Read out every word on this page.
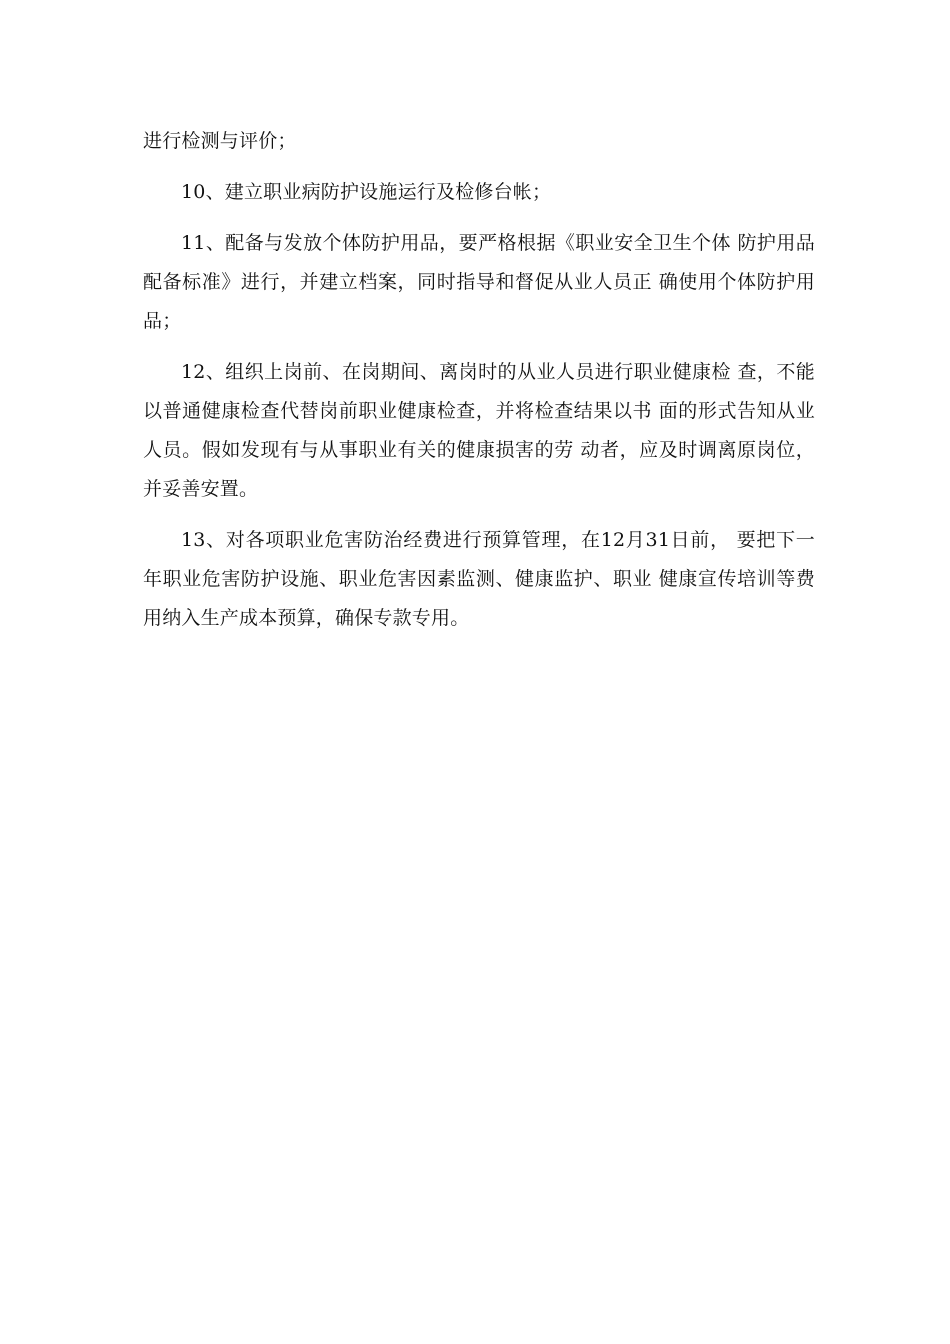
进行检测与评价；

10、建立职业病防护设施运行及检修台帐；

11、配备与发放个体防护用品，要严格根据《职业安全卫生个体 防护用品配备标准》进行，并建立档案，同时指导和督促从业人员正 确使用个体防护用品；

12、组织上岗前、在岗期间、离岗时的从业人员进行职业健康检 查，不能以普通健康检查代替岗前职业健康检查，并将检查结果以书 面的形式告知从业人员。假如发现有与从事职业有关的健康损害的劳 动者，应及时调离原岗位，并妥善安置。

13、对各项职业危害防治经费进行预算管理，在12月31日前， 要把下一年职业危害防护设施、职业危害因素监测、健康监护、职业 健康宣传培训等费用纳入生产成本预算，确保专款专用。
